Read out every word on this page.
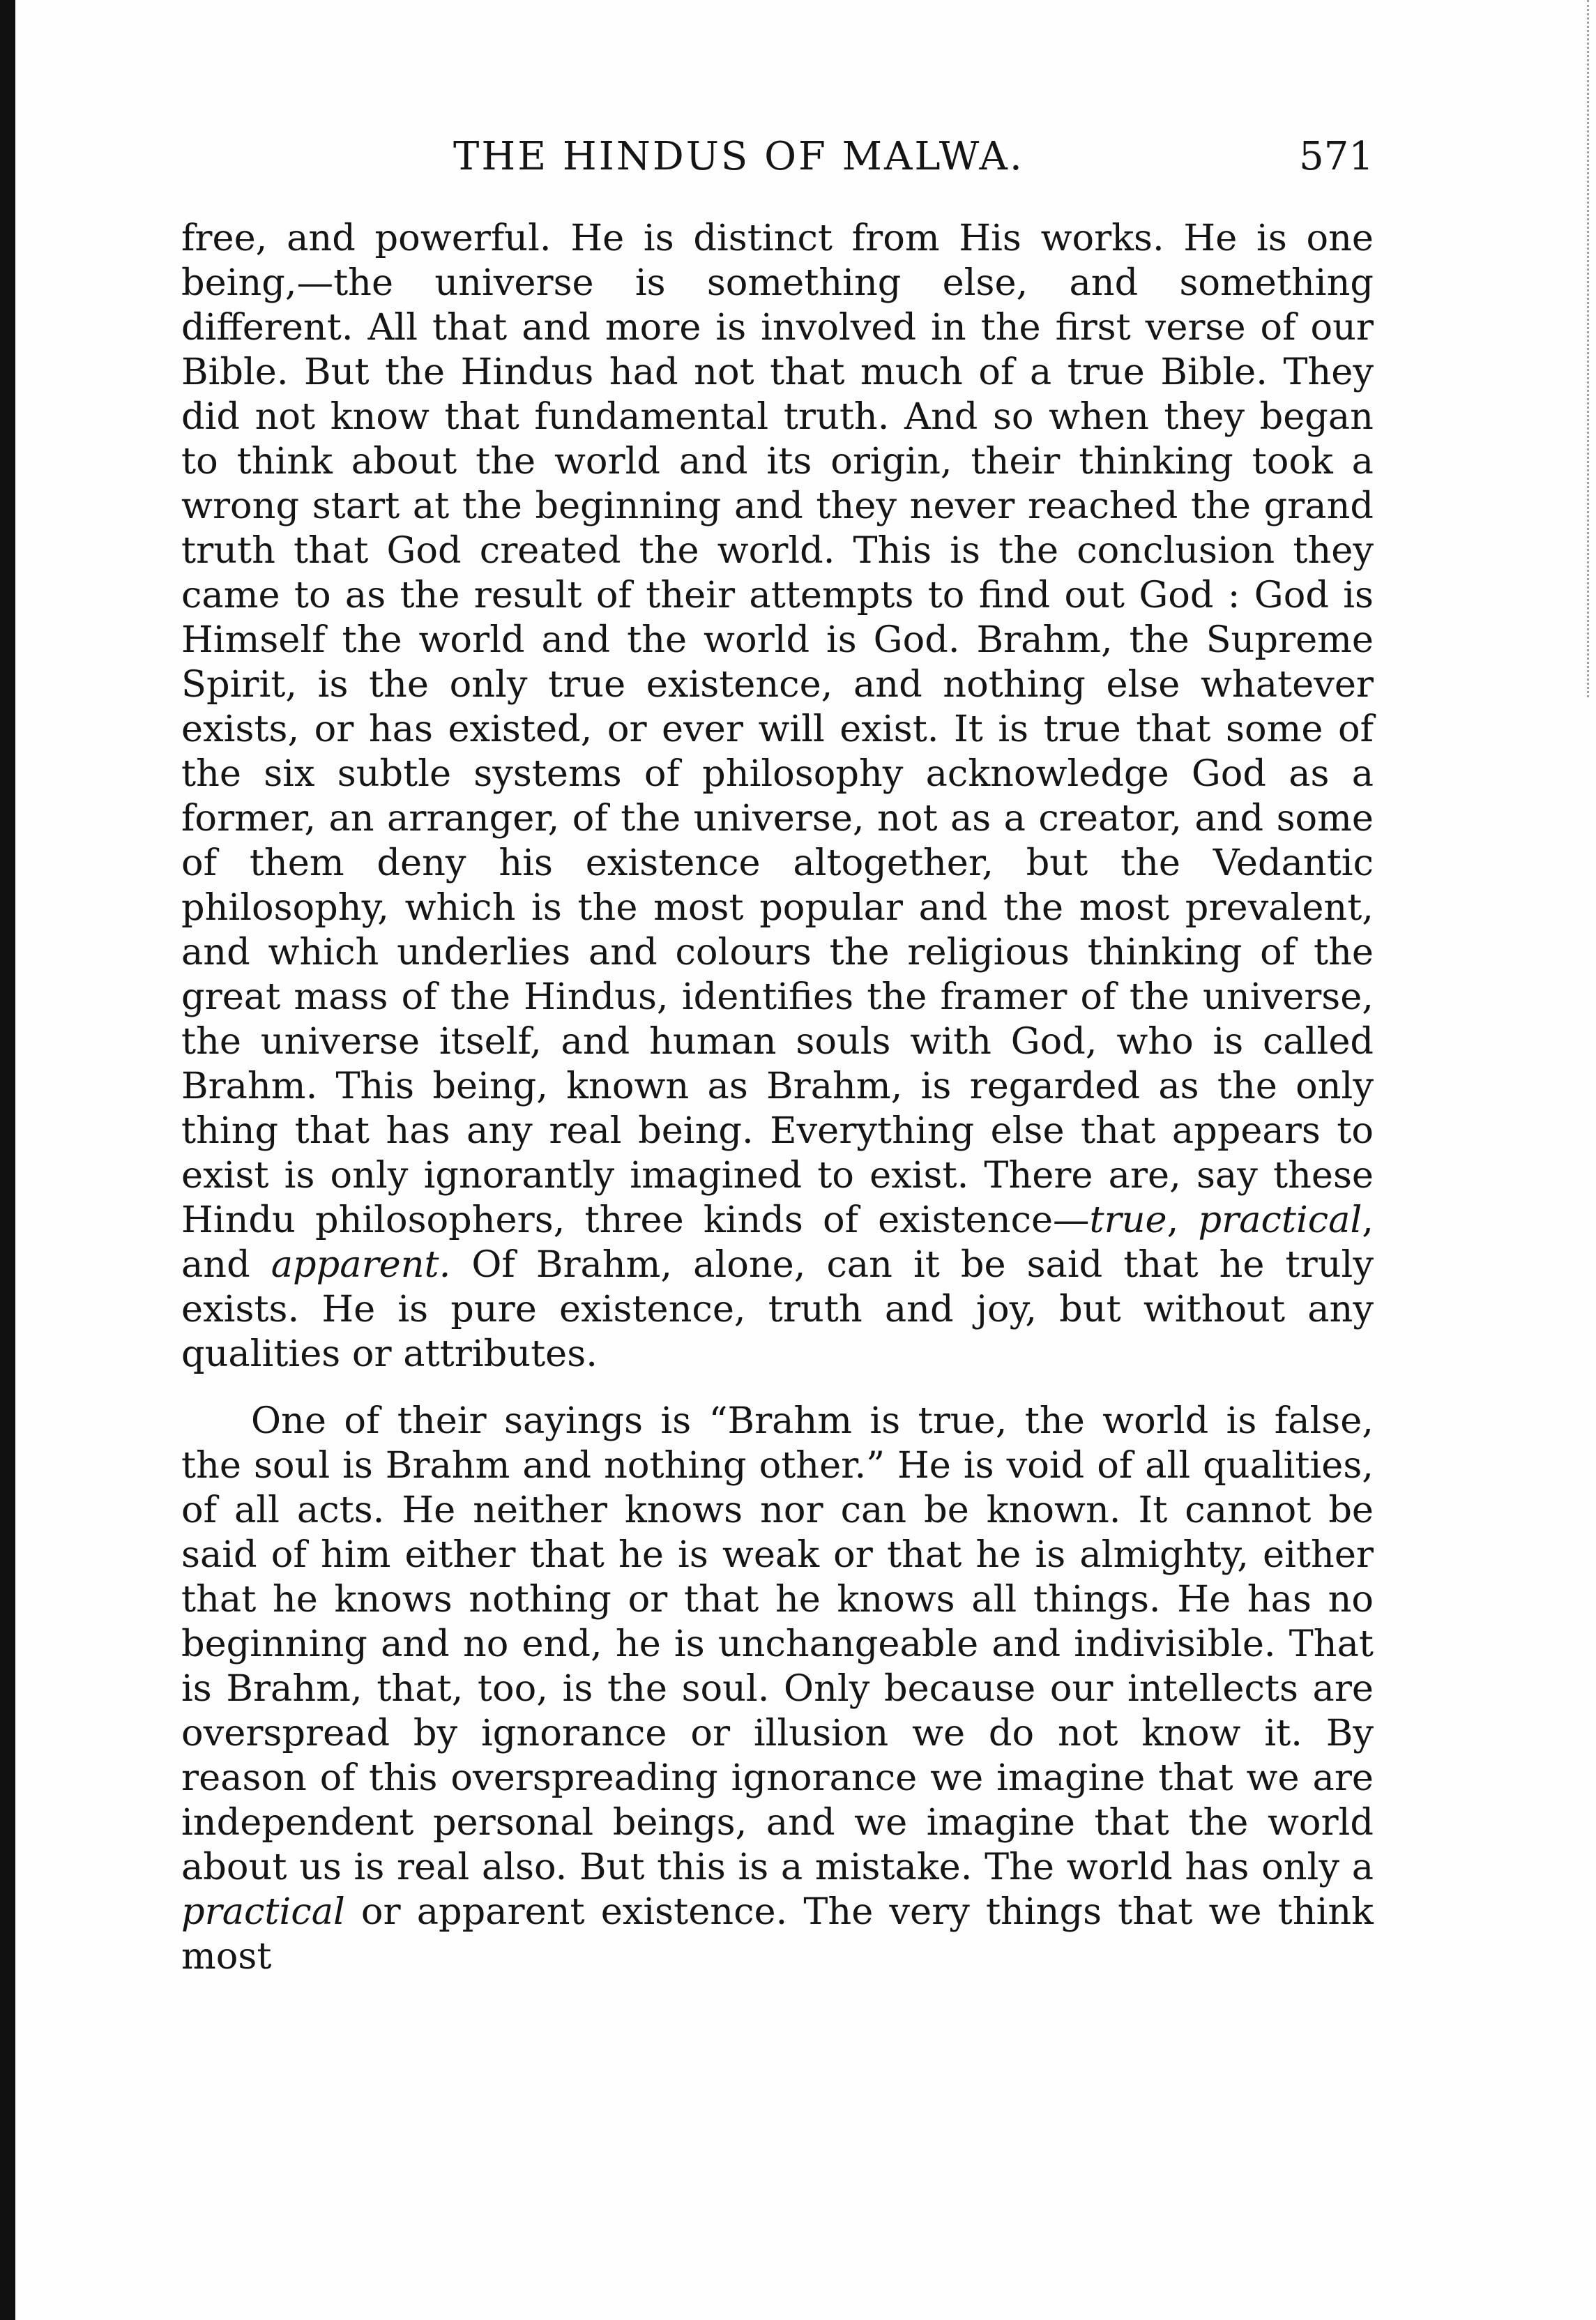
THE HINDUS OF MALWA.	571

free, and powerful. He is distinct from His works. He is one being,—the universe is something else, and something different. All that and more is involved in the first verse of our Bible. But the Hindus had not that much of a true Bible. They did not know that fundamental truth. And so when they began to think about the world and its origin, their thinking took a wrong start at the beginning and they never reached the grand truth that God created the world. This is the conclusion they came to as the result of their attempts to find out God : God is Himself the world and the world is God. Brahm, the Supreme Spirit, is the only true existence, and nothing else whatever exists, or has existed, or ever will exist. It is true that some of the six subtle systems of philosophy acknowledge God as a former, an arranger, of the universe, not as a creator, and some of them deny his existence altogether, but the Vedantic philosophy, which is the most popular and the most prevalent, and which underlies and colours the religious thinking of the great mass of the Hindus, identifies the framer of the universe, the universe itself, and human souls with God, who is called Brahm. This being, known as Brahm, is regarded as the only thing that has any real being. Everything else that appears to exist is only ignorantly imagined to exist. There are, say these Hindu philosophers, three kinds of existence—true, practical, and apparent. Of Brahm, alone, can it be said that he truly exists. He is pure existence, truth and joy, but without any qualities or attributes.

One of their sayings is “Brahm is true, the world is false, the soul is Brahm and nothing other.” He is void of all qualities, of all acts. He neither knows nor can be known. It cannot be said of him either that he is weak or that he is almighty, either that he knows nothing or that he knows all things. He has no beginning and no end, he is unchangeable and indivisible. That is Brahm, that, too, is the soul. Only because our intellects are overspread by ignorance or illusion we do not know it. By reason of this overspreading ignorance we imagine that we are independent personal beings, and we imagine that the world about us is real also. But this is a mistake. The world has only a practical or apparent existence. The very things that we think most
